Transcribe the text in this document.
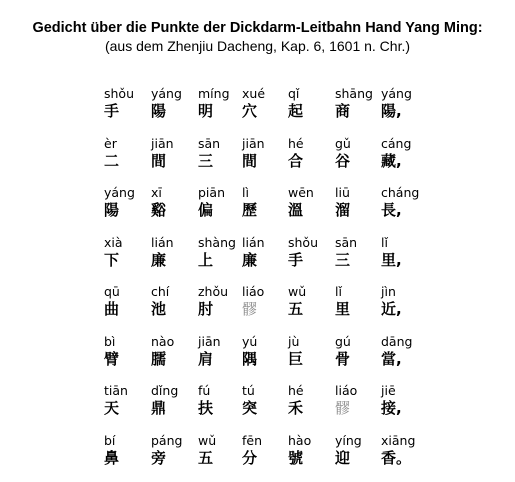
Gedicht über die Punkte der Dickdarm-Leitbahn Hand Yang Ming:
(aus dem Zhenjiu Dacheng, Kap. 6, 1601 n. Chr.)
shǒu
手
yáng
陽
míng
明
xué
穴
qǐ
起
shāng
商
yáng
陽,
èr
二
jiān
間
sān
三
jiān
間
hé
合
gǔ
谷
cáng
藏,
yáng
陽
xī
谿
piān
偏
lì
歷
wēn
溫
liū
溜
cháng
長,
xià
下
lián
廉
shàng
上
lián
廉
shǒu
手
sān
三
lǐ
里,
qū
曲
chí
池
zhǒu
肘
liáo
髎
wǔ
五
lǐ
里
jìn
近,
bì
臂
nào
臑
jiān
肩
yú
隅
jù
巨
gú
骨
dāng
當,
tiān
天
dǐng
鼎
fú
扶
tú
突
hé
禾
liáo
髎
jiē
接,
bí
鼻
páng
旁
wǔ
五
fēn
分
hào
號
yíng
迎
xiāng
香。
